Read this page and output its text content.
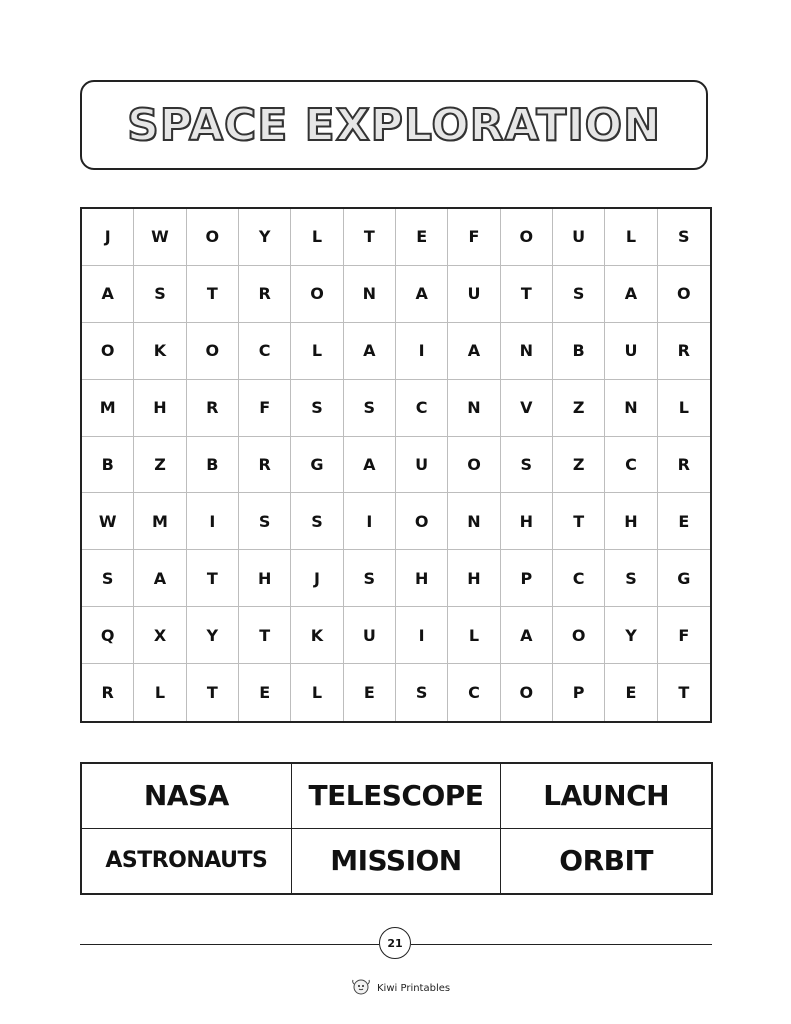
SPACE EXPLORATION
J	W	O	Y	L	T	E	F	O	U	L	S
A	S	T	R	O	N	A	U	T	S	A	O
O	K	O	C	L	A	I	A	N	B	U	R
M	H	R	F	S	S	C	N	V	Z	N	L
B	Z	B	R	G	A	U	O	S	Z	C	R
W	M	I	S	S	I	O	N	H	T	H	E
S	A	T	H	J	S	H	H	P	C	S	G
Q	X	Y	T	K	U	I	L	A	O	Y	F
R	L	T	E	L	E	S	C	O	P	E	T
NASA	TELESCOPE	LAUNCH
ASTRONAUTS	MISSION	ORBIT
21
Kiwi Printables
